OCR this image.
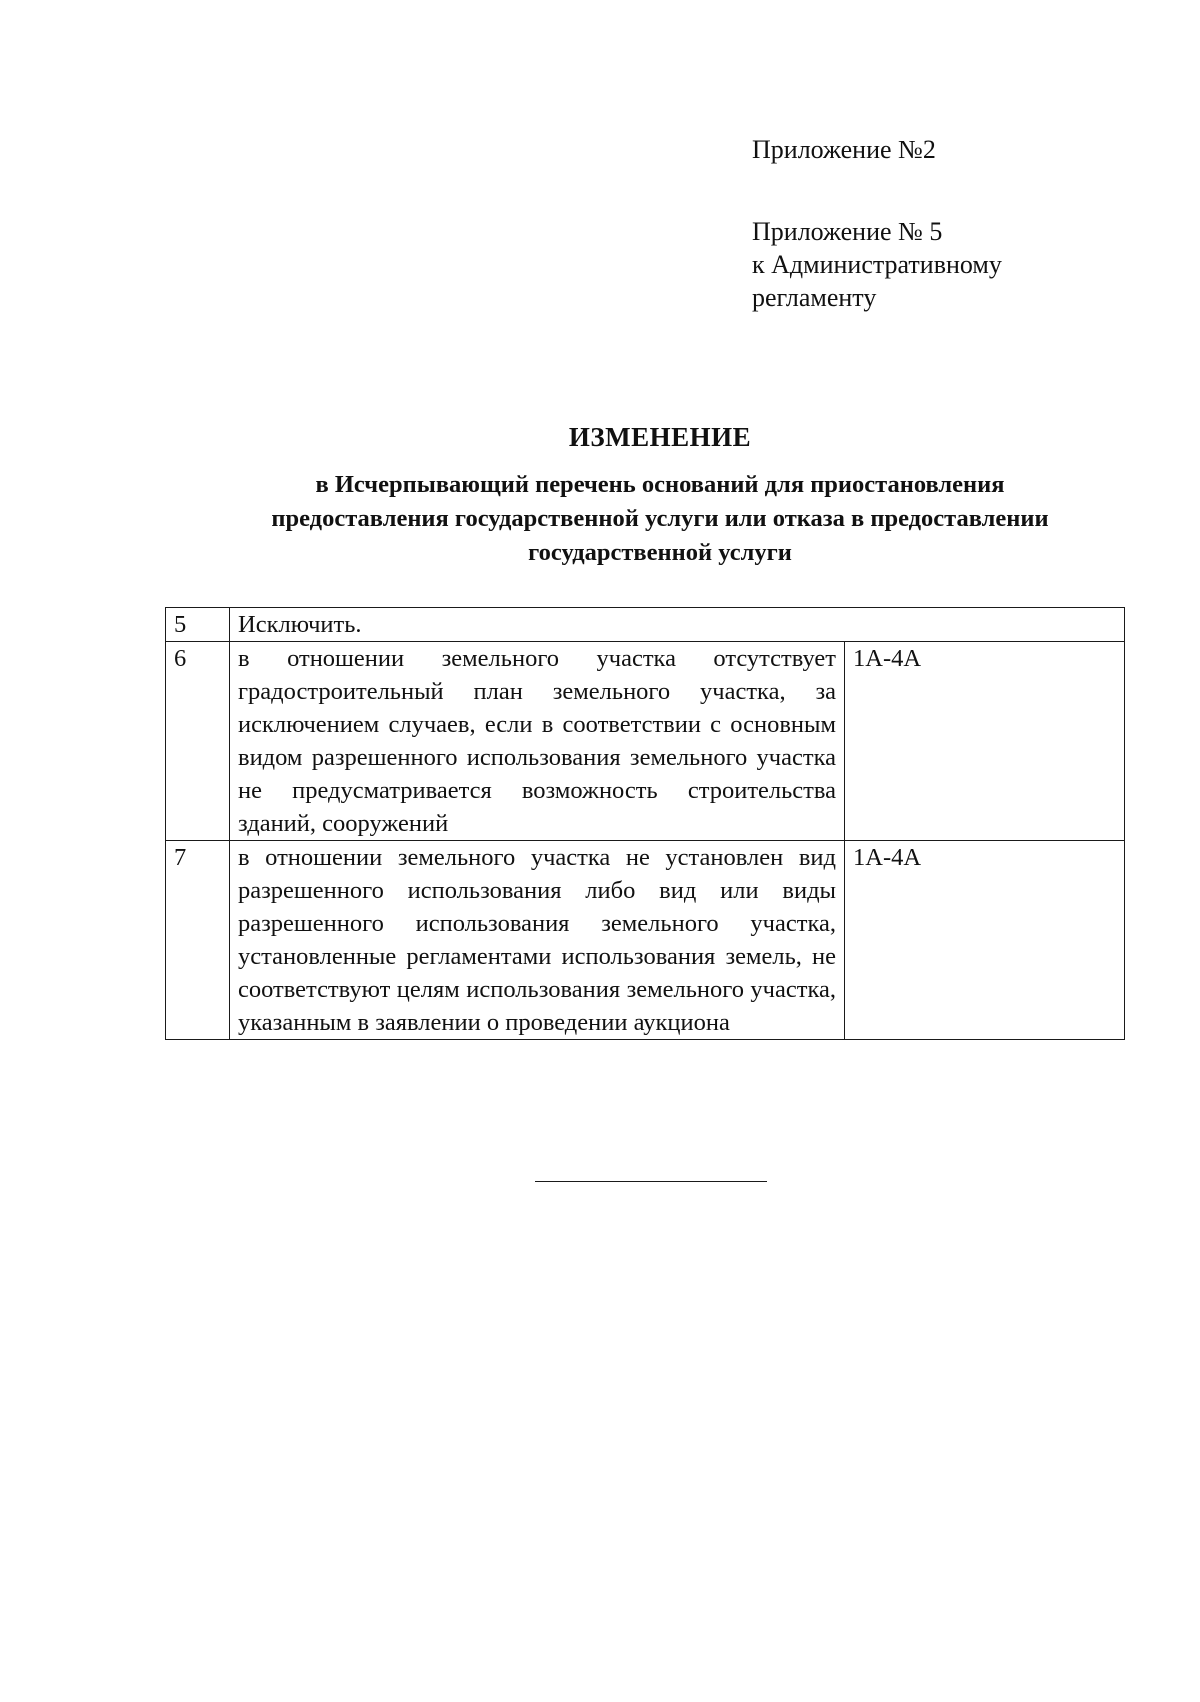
Приложение №2
Приложение № 5
к Административному
регламенту
ИЗМЕНЕНИЕ
в Исчерпывающий перечень оснований для приостановления
предоставления государственной услуги или отказа в предоставлении
государственной услуги
5	Исключить.	
6	в отношении земельного участка отсутствует градостроительный план земельного участка, за исключением случаев, если в соответствии с основным видом разрешенного использования земельного участка не предусматривается возможность строительства зданий, сооружений	1А-4А
7	в отношении земельного участка не установлен вид разрешенного использования либо вид или виды разрешенного использования земельного участка, установленные регламентами использования земель, не соответствуют целям использования земельного участка, указанным в заявлении о проведении аукциона	1А-4А
